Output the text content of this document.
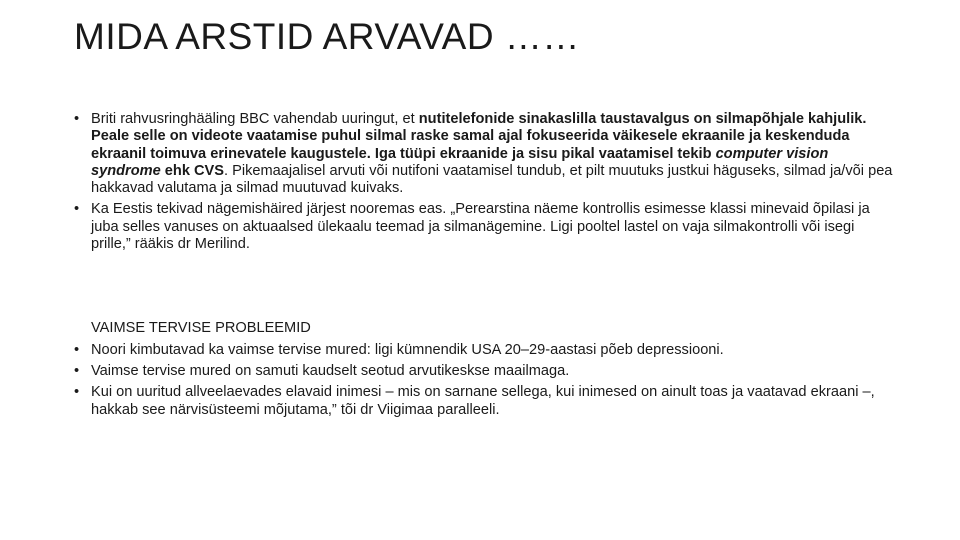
MIDA ARSTID ARVAVAD ……

• Briti rahvusringhääling BBC vahendab uuringut, et nutitelefonide sinakaslilla taustavalgus on silmapõhjale kahjulik. Peale selle on videote vaatamise puhul silmal raske samal ajal fokuseerida väikesele ekraanile ja keskenduda ekraanil toimuva erinevatele kaugustele. Iga tüüpi ekraanide ja sisu pikal vaatamisel tekib computer vision syndrome ehk CVS. Pikemaajalisel arvuti või nutifoni vaatamisel tundub, et pilt muutuks justkui häguseks, silmad ja/või pea hakkavad valutama ja silmad muutuvad kuivaks.

• Ka Eestis tekivad nägemishäired järjest nooremas eas. „Perearstina näeme kontrollis esimesse klassi minevaid õpilasi ja juba selles vanuses on aktuaalsed ülekaalu teemad ja silmanägemine. Ligi pooltel lastel on vaja silmakontrolli või isegi prille,” rääkis dr Merilind.

VAIMSE TERVISE PROBLEEMID

• Noori kimbutavad ka vaimse tervise mured: ligi kümnendik USA 20–29-aastasi põeb depressiooni.

• Vaimse tervise mured on samuti kaudselt seotud arvutikeskse maailmaga.

• Kui on uuritud allveelaevades elavaid inimesi – mis on sarnane sellega, kui inimesed on ainult toas ja vaatavad ekraani –, hakkab see närvisüsteemi mõjutama,” tõi dr Viigimaa paralleeli.
